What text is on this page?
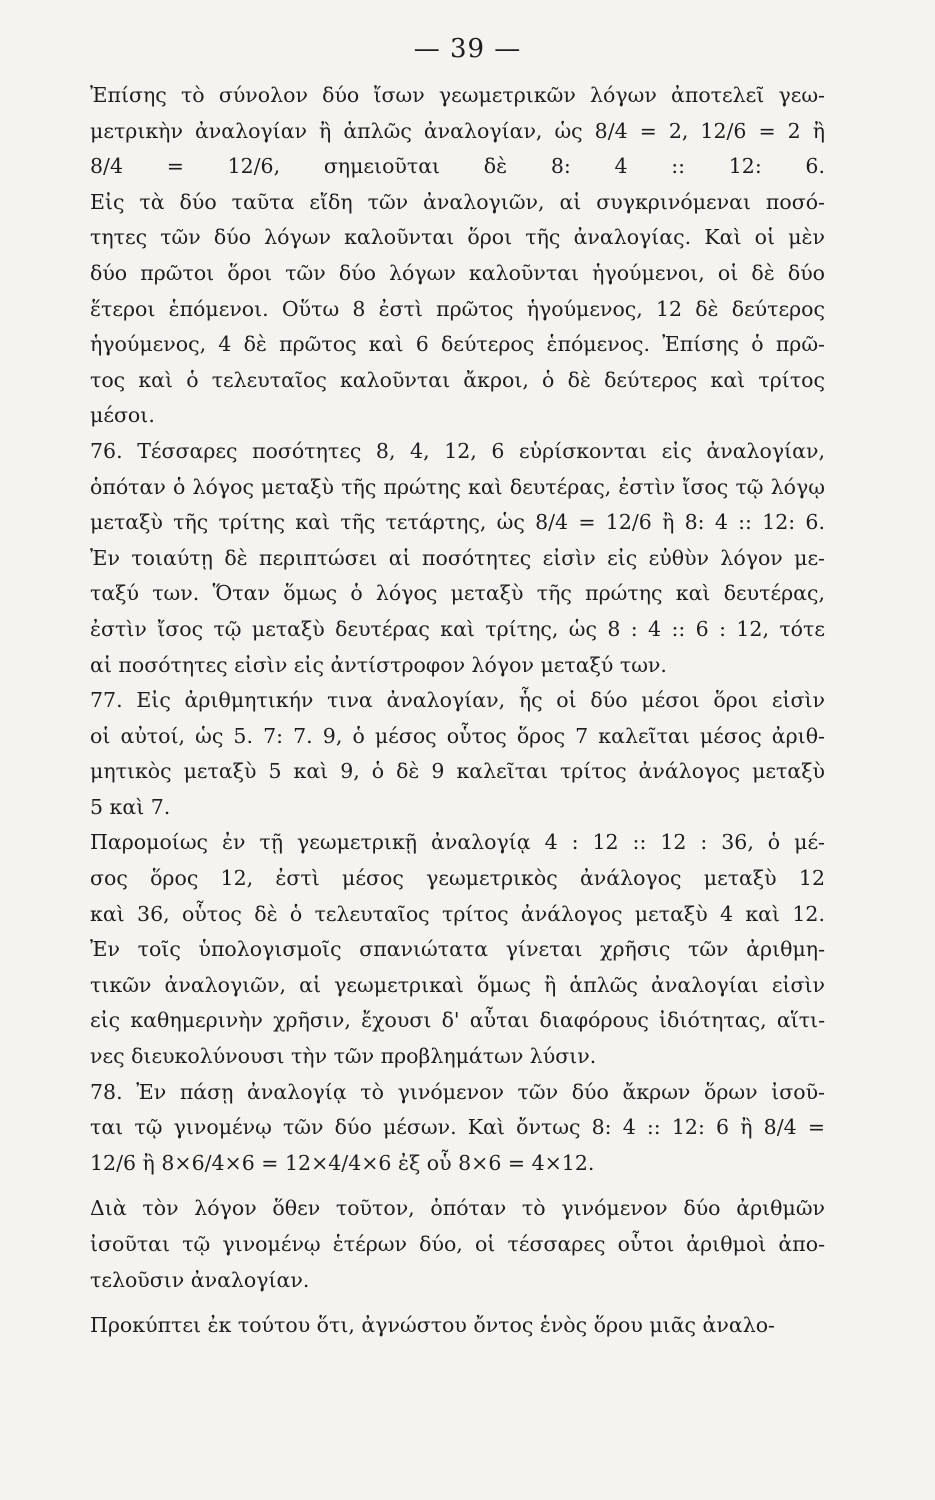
— 39 —
Ἐπίσης τὸ σύνολον δύο ἴσων γεωμετρικῶν λόγων ἀποτελεῖ γεω-
μετρικὴν ἀναλογίαν ἢ ἁπλῶς ἀναλογίαν, ὡς 8/4 = 2, 12/6 = 2 ἢ
8/4 = 12/6, σημειοῦται δὲ 8: 4 :: 12: 6.
Εἰς τὰ δύο ταῦτα εἴδη τῶν ἀναλογιῶν, αἱ συγκρινόμεναι ποσό-
τητες τῶν δύο λόγων καλοῦνται ὅροι τῆς ἀναλογίας. Καὶ οἱ μὲν
δύο πρῶτοι ὅροι τῶν δύο λόγων καλοῦνται ἡγούμενοι, οἱ δὲ δύο
ἕτεροι ἑπόμενοι. Οὕτω 8 ἐστὶ πρῶτος ἡγούμενος, 12 δὲ δεύτερος
ἡγούμενος, 4 δὲ πρῶτος καὶ 6 δεύτερος ἑπόμενος. Ἐπίσης ὁ πρῶ-
τος καὶ ὁ τελευταῖος καλοῦνται ἄκροι, ὁ δὲ δεύτερος καὶ τρίτος
μέσοι.
76. Τέσσαρες ποσότητες 8, 4, 12, 6 εὑρίσκονται εἰς ἀναλογίαν,
ὁπόταν ὁ λόγος μεταξὺ τῆς πρώτης καὶ δευτέρας, ἐστὶν ἴσος τῷ λόγῳ
μεταξὺ τῆς τρίτης καὶ τῆς τετάρτης, ὡς 8/4 = 12/6 ἢ 8: 4 :: 12: 6.
Ἐν τοιαύτῃ δὲ περιπτώσει αἱ ποσότητες εἰσὶν εἰς εὐθὺν λόγον με-
ταξύ των. Ὅταν ὅμως ὁ λόγος μεταξὺ τῆς πρώτης καὶ δευτέρας,
ἐστὶν ἴσος τῷ μεταξὺ δευτέρας καὶ τρίτης, ὡς 8 : 4 :: 6 : 12, τότε
αἱ ποσότητες εἰσὶν εἰς ἀντίστροφον λόγον μεταξύ των.
77. Εἰς ἀριθμητικήν τινα ἀναλογίαν, ἧς οἱ δύο μέσοι ὅροι εἰσὶν
οἱ αὐτοί, ὡς 5. 7: 7. 9, ὁ μέσος οὗτος ὅρος 7 καλεῖται μέσος ἀριθ-
μητικὸς μεταξὺ 5 καὶ 9, ὁ δὲ 9 καλεῖται τρίτος ἀνάλογος μεταξὺ
5 καὶ 7.
Παρομοίως ἐν τῇ γεωμετρικῇ ἀναλογίᾳ 4 : 12 :: 12 : 36, ὁ μέ-
σος ὅρος 12, ἐστὶ μέσος γεωμετρικὸς ἀνάλογος μεταξὺ 12
καὶ 36, οὗτος δὲ ὁ τελευταῖος τρίτος ἀνάλογος μεταξὺ 4 καὶ 12.
Ἐν τοῖς ὑπολογισμοῖς σπανιώτατα γίνεται χρῆσις τῶν ἀριθμη-
τικῶν ἀναλογιῶν, αἱ γεωμετρικαὶ ὅμως ἢ ἁπλῶς ἀναλογίαι εἰσὶν
εἰς καθημερινὴν χρῆσιν, ἔχουσι δ' αὗται διαφόρους ἰδιότητας, αἵτι-
νες διευκολύνουσι τὴν τῶν προβλημάτων λύσιν.
78. Ἐν πάσῃ ἀναλογίᾳ τὸ γινόμενον τῶν δύο ἄκρων ὅρων ἰσοῦ-
ται τῷ γινομένῳ τῶν δύο μέσων. Καὶ ὄντως 8: 4 :: 12: 6 ἢ 8/4 =
12/6 ἢ 8×6/4×6 = 12×4/4×6 ἐξ οὗ 8×6 = 4×12.
Διὰ τὸν λόγον ὅθεν τοῦτον, ὁπόταν τὸ γινόμενον δύο ἀριθμῶν
ἰσοῦται τῷ γινομένῳ ἑτέρων δύο, οἱ τέσσαρες οὗτοι ἀριθμοὶ ἀπο-
τελοῦσιν ἀναλογίαν.
Προκύπτει ἐκ τούτου ὅτι, ἀγνώστου ὄντος ἑνὸς ὅρου μιᾶς ἀναλο-
